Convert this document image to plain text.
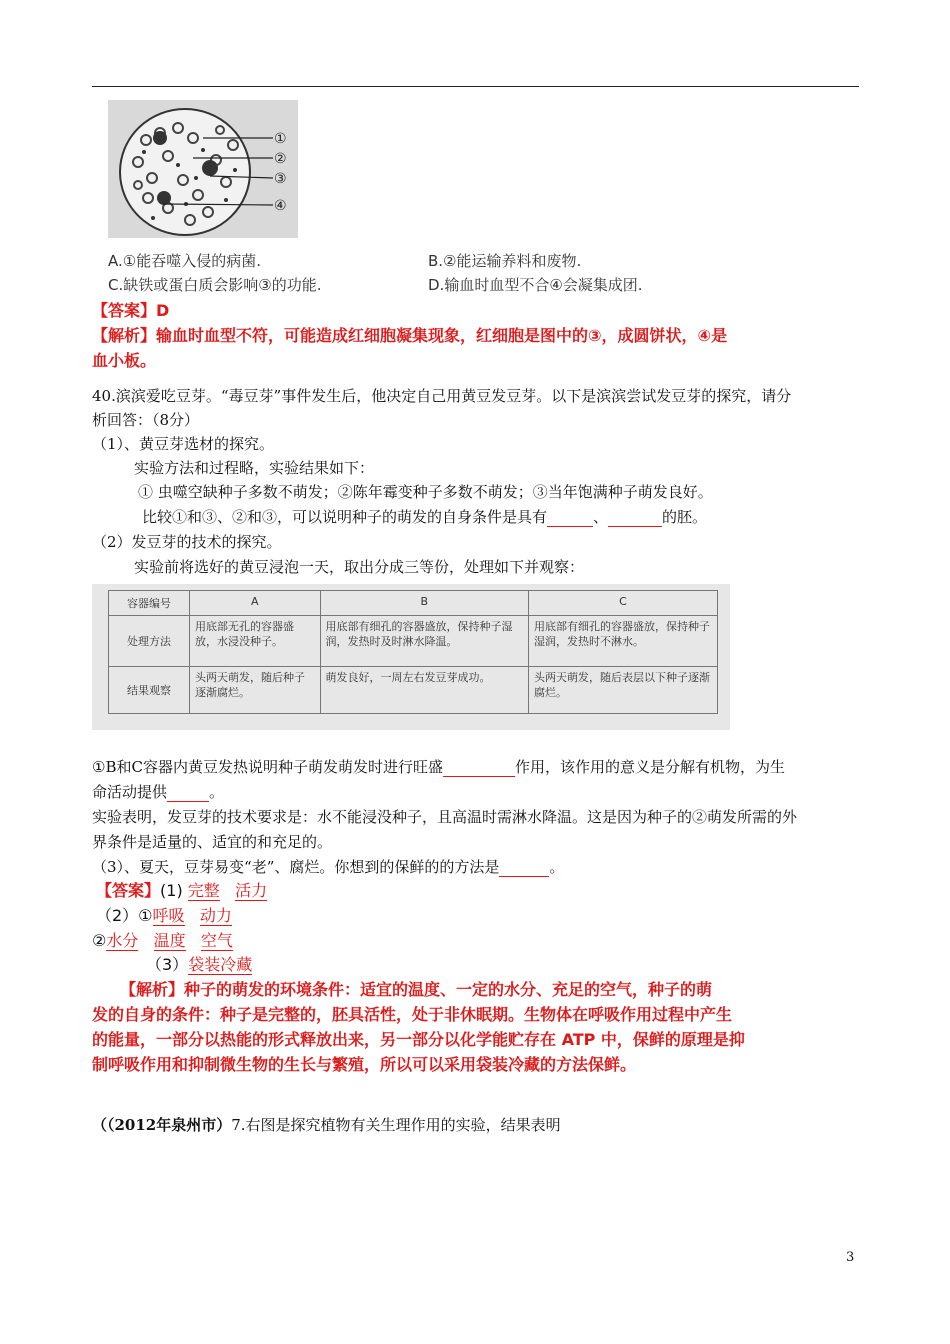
①
②
③
④
A.①能吞噬入侵的病菌.	B.②能运输养料和废物.
C.缺铁或蛋白质会影响③的功能.	D.输血时血型不合④会凝集成团.
【答案】D
【解析】输血时血型不符，可能造成红细胞凝集现象，红细胞是图中的③，成圆饼状，④是
血小板。
40.滨滨爱吃豆芽。“毒豆芽”事件发生后，他决定自己用黄豆发豆芽。以下是滨滨尝试发豆芽的探究，请分
析回答：（8分）
（1）、黄豆芽选材的探究。
实验方法和过程略，实验结果如下：
① 虫噬空缺种子多数不萌发；②陈年霉变种子多数不萌发；③当年饱满种子萌发良好。
比较①和③、②和③，可以说明种子的萌发的自身条件是具有	、	的胚。
（2）发豆芽的技术的探究。
实验前将选好的黄豆浸泡一天，取出分成三等份，处理如下并观察：
容器编号	A	B	C
处理方法	用底部无孔的容器盛放，水浸没种子。	用底部有细孔的容器盛放，保持种子湿润，发热时及时淋水降温。	用底部有细孔的容器盛放，保持种子湿润，发热时不淋水。
结果观察	头两天萌发，随后种子逐渐腐烂。	萌发良好，一周左右发豆芽成功。	头两天萌发，随后表层以下种子逐渐腐烂。
①B和C容器内黄豆发热说明种子萌发萌发时进行旺盛	作用，该作用的意义是分解有机物，为生
命活动提供	。
实验表明，发豆芽的技术要求是：水不能浸没种子，且高温时需淋水降温。这是因为种子的②萌发所需的外
界条件是适量的、适宜的和充足的。
（3）、夏天，豆芽易变“老”、腐烂。你想到的保鲜的的方法是	。
【答案】(1) 完整 活力
（2）①呼吸 动力
②水分 温度 空气
（3）袋装冷藏
【解析】种子的萌发的环境条件：适宜的温度、一定的水分、充足的空气，种子的萌
发的自身的条件：种子是完整的，胚具活性，处于非休眠期。生物体在呼吸作用过程中产生
的能量，一部分以热能的形式释放出来，另一部分以化学能贮存在 ATP 中，保鲜的原理是抑
制呼吸作用和抑制微生物的生长与繁殖，所以可以采用袋装冷藏的方法保鲜。
（（2012年泉州市）7.右图是探究植物有关生理作用的实验，结果表明
3
